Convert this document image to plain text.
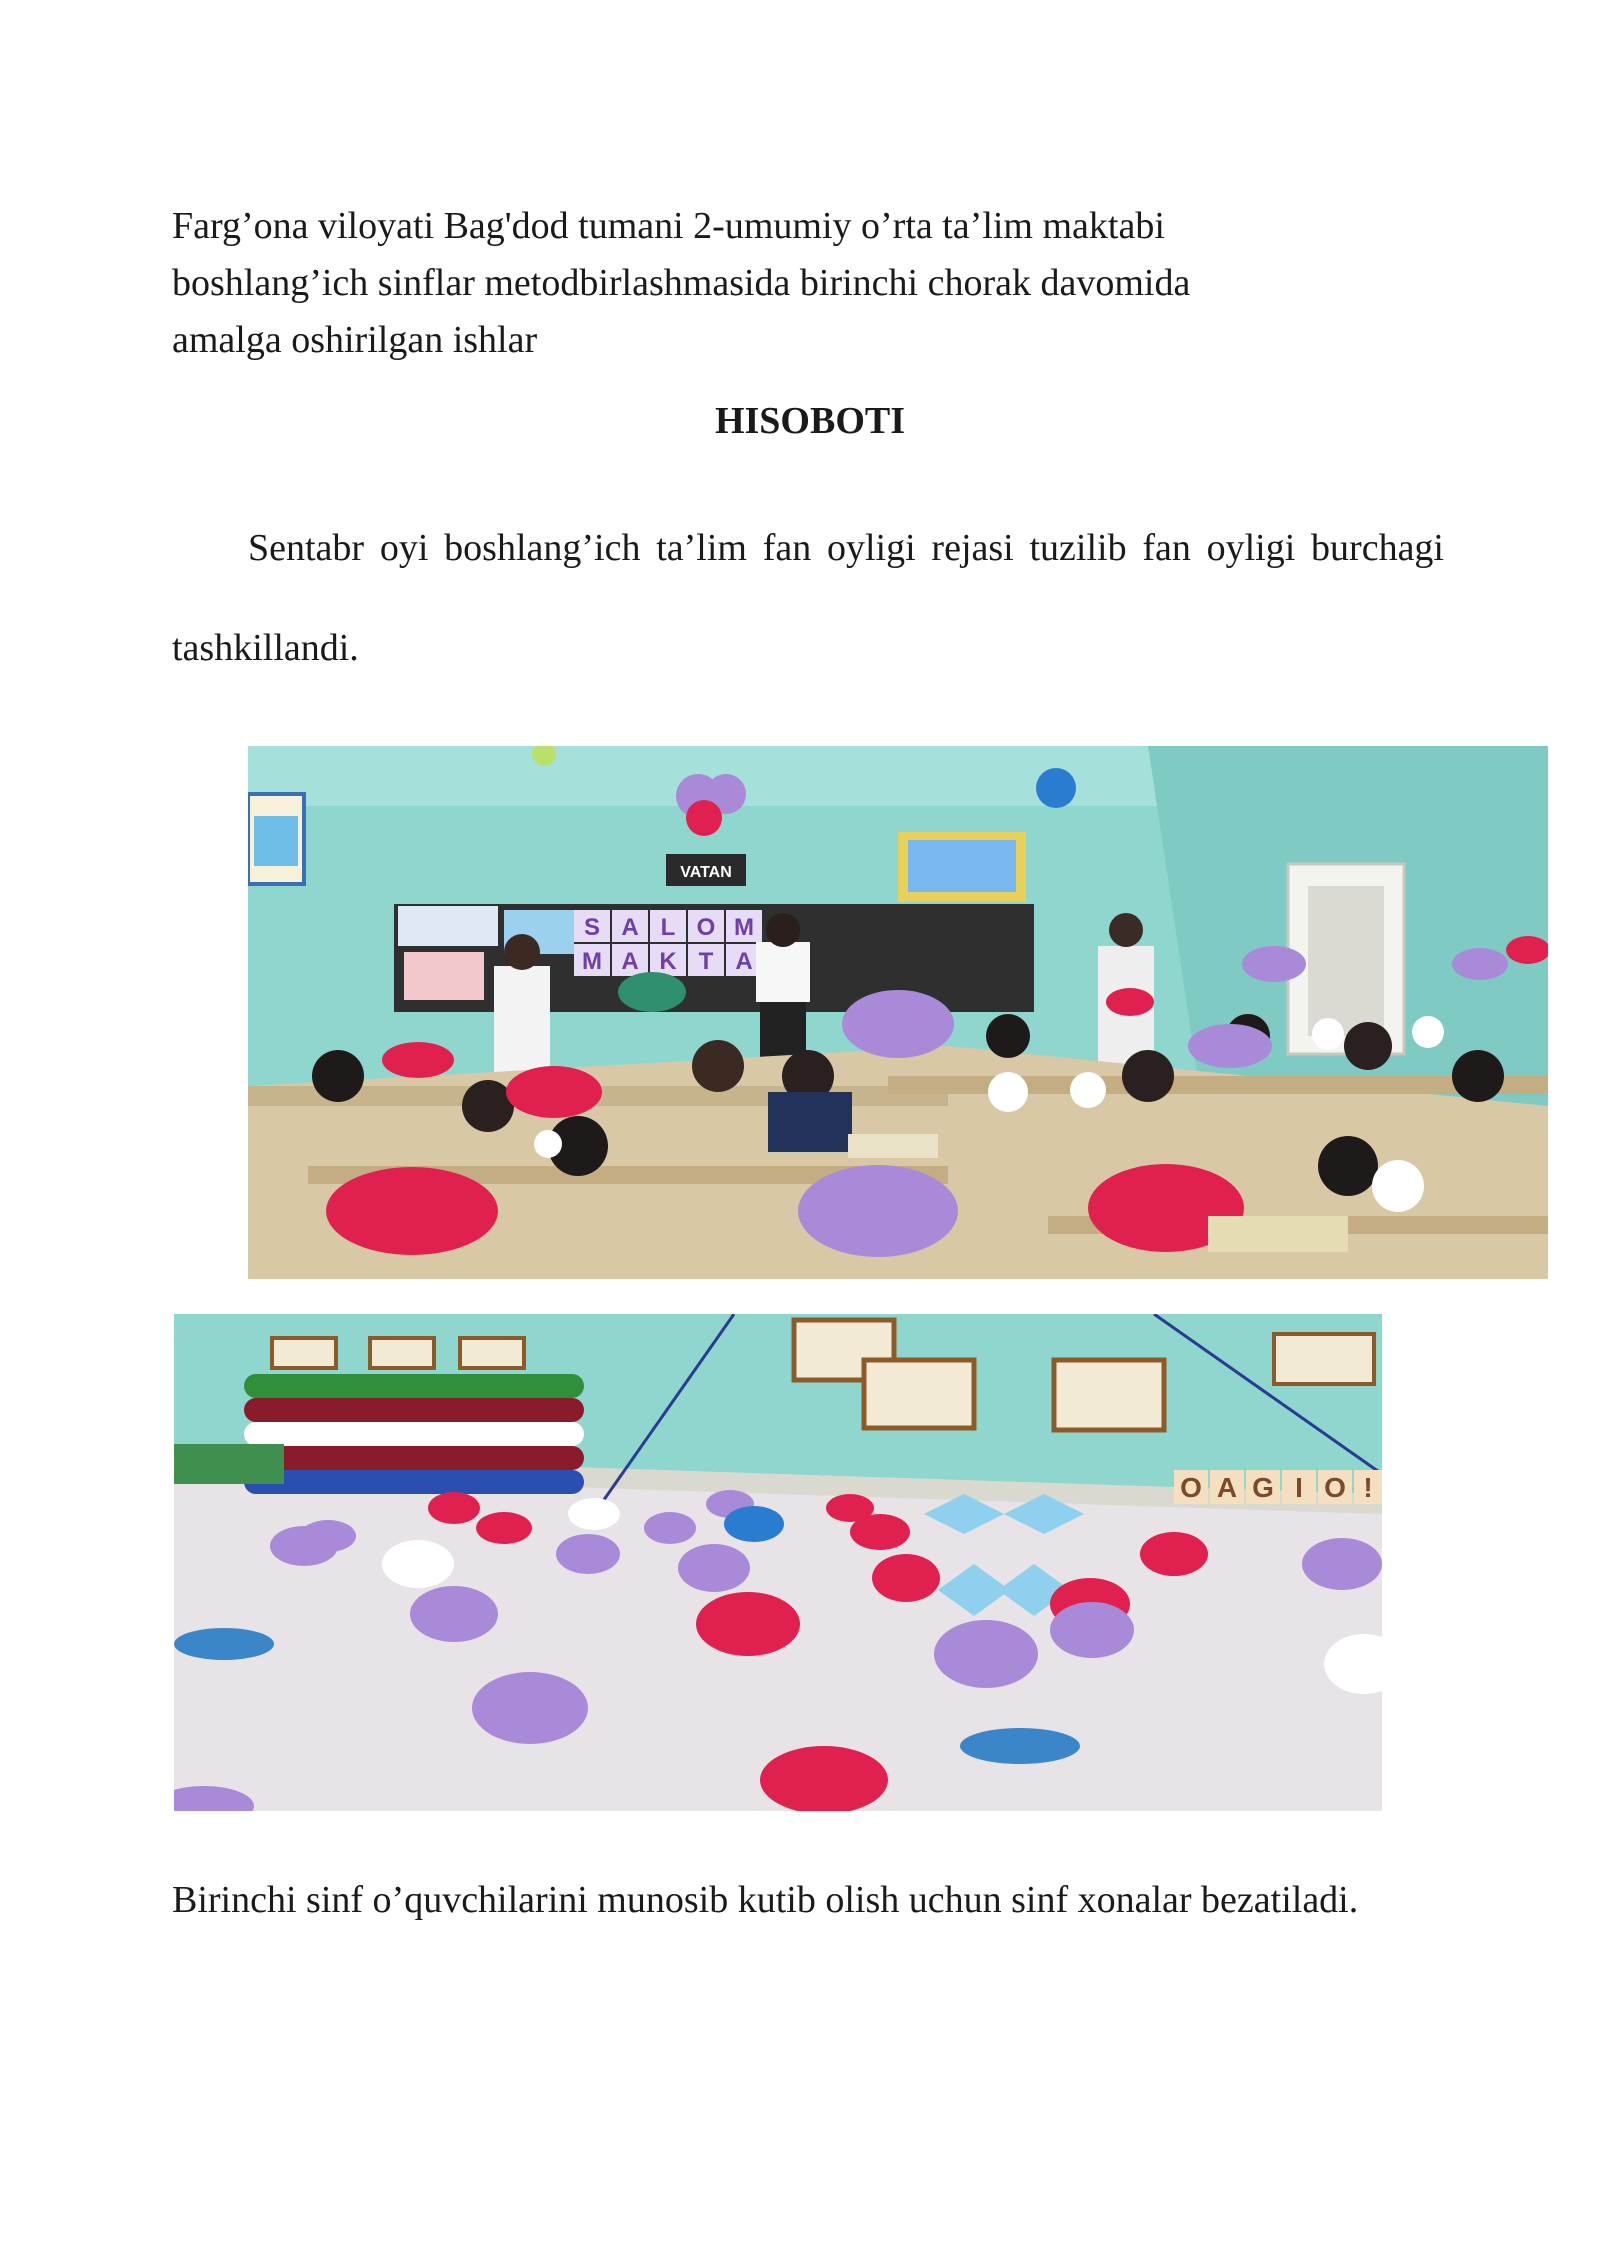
Farg’ona viloyati Bag'dod tumani 2-umumiy o’rta ta’lim maktabi
boshlang’ich sinflar metodbirlashmasida birinchi chorak davomida
amalga oshirilgan ishlar
HISOBOTI
Sentabr oyi boshlang’ich ta’lim fan oyligi rejasi tuzilib fan oyligi burchagi tashkillandi.
VATAN
S A L O M
M A K T A
O A G I O !
Birinchi sinf o’quvchilarini munosib kutib olish uchun sinf xonalar bezatiladi.
